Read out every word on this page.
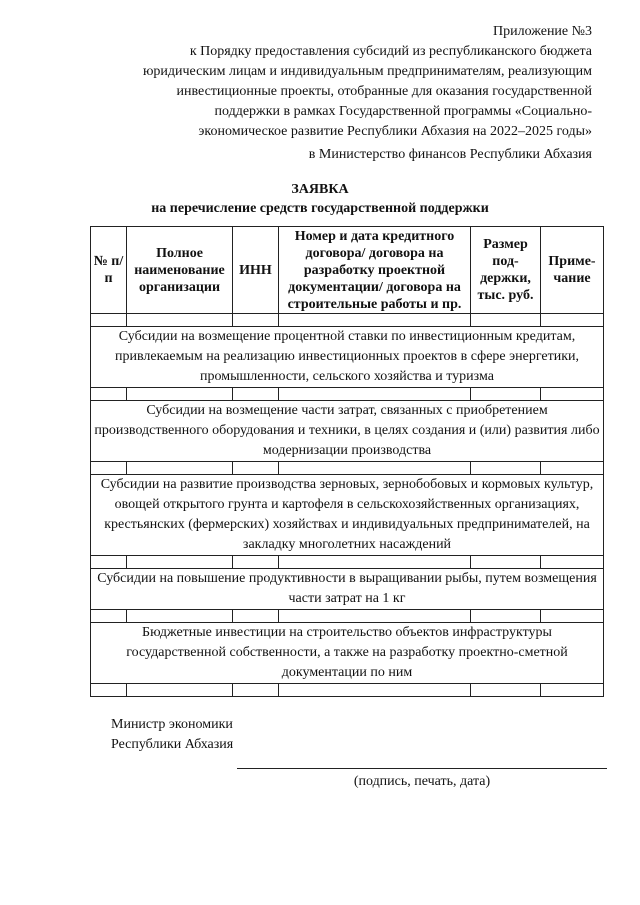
Приложение №3
к Порядку предоставления субсидий из республиканского бюджета
юридическим лицам и индивидуальным предпринимателям, реализующим
инвестиционные проекты, отобранные для оказания государственной
поддержки в рамках Государственной программы «Социально-
экономическое развитие Республики Абхазия на 2022–2025 годы»
в Министерство финансов Республики Абхазия
ЗАЯВКА
на перечисление средств государственной поддержки
№ п/п	Полное наименование организации	ИНН	Номер и дата кредитного договора/ договора на разработку проектной документации/ договора на строительные работы и пр.	Размер под-держки, тыс. руб.	Приме-чание

Субсидии на возмещение процентной ставки по инвестиционным кредитам, привлекаемым на реализацию инвестиционных проектов в сфере энергетики, промышленности, сельского хозяйства и туризма					

Субсидии на возмещение части затрат, связанных с приобретением производственного оборудования и техники, в целях создания и (или) развития либо модернизации производства					

Субсидии на развитие производства зерновых, зернобобовых и кормовых культур, овощей открытого грунта и картофеля в сельскохозяйственных организациях, крестьянских (фермерских) хозяйствах и индивидуальных предпринимателей, на закладку многолетних насаждений					

Субсидии на повышение продуктивности в выращивании рыбы, путем возмещения части затрат на 1 кг					

Бюджетные инвестиции на строительство объектов инфраструктуры государственной собственности, а также на разработку проектно-сметной документации по ним					

Министр экономики
Республики Абхазия
(подпись, печать, дата)
